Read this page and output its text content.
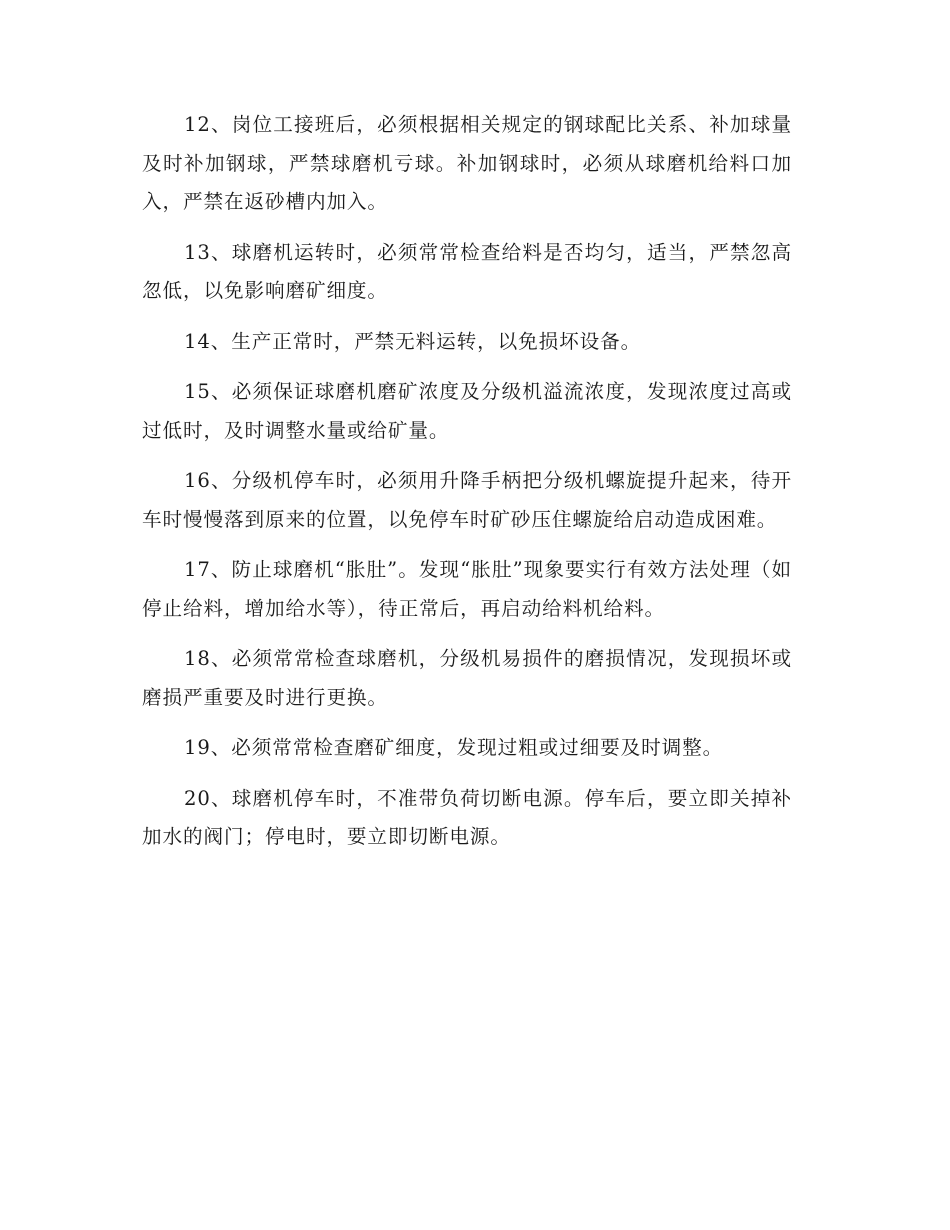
12、岗位工接班后，必须根据相关规定的钢球配比关系、补加球量及时补加钢球，严禁球磨机亏球。补加钢球时，必须从球磨机给料口加入，严禁在返砂槽内加入。

13、球磨机运转时，必须常常检查给料是否均匀，适当，严禁忽高忽低，以免影响磨矿细度。

14、生产正常时，严禁无料运转，以免损坏设备。

15、必须保证球磨机磨矿浓度及分级机溢流浓度，发现浓度过高或过低时，及时调整水量或给矿量。

16、分级机停车时，必须用升降手柄把分级机螺旋提升起来，待开车时慢慢落到原来的位置，以免停车时矿砂压住螺旋给启动造成困难。

17、防止球磨机“胀肚”。发现“胀肚”现象要实行有效方法处理（如停止给料，增加给水等），待正常后，再启动给料机给料。

18、必须常常检查球磨机，分级机易损件的磨损情况，发现损坏或磨损严重要及时进行更换。

19、必须常常检查磨矿细度，发现过粗或过细要及时调整。

20、球磨机停车时，不准带负荷切断电源。停车后，要立即关掉补加水的阀门；停电时，要立即切断电源。
